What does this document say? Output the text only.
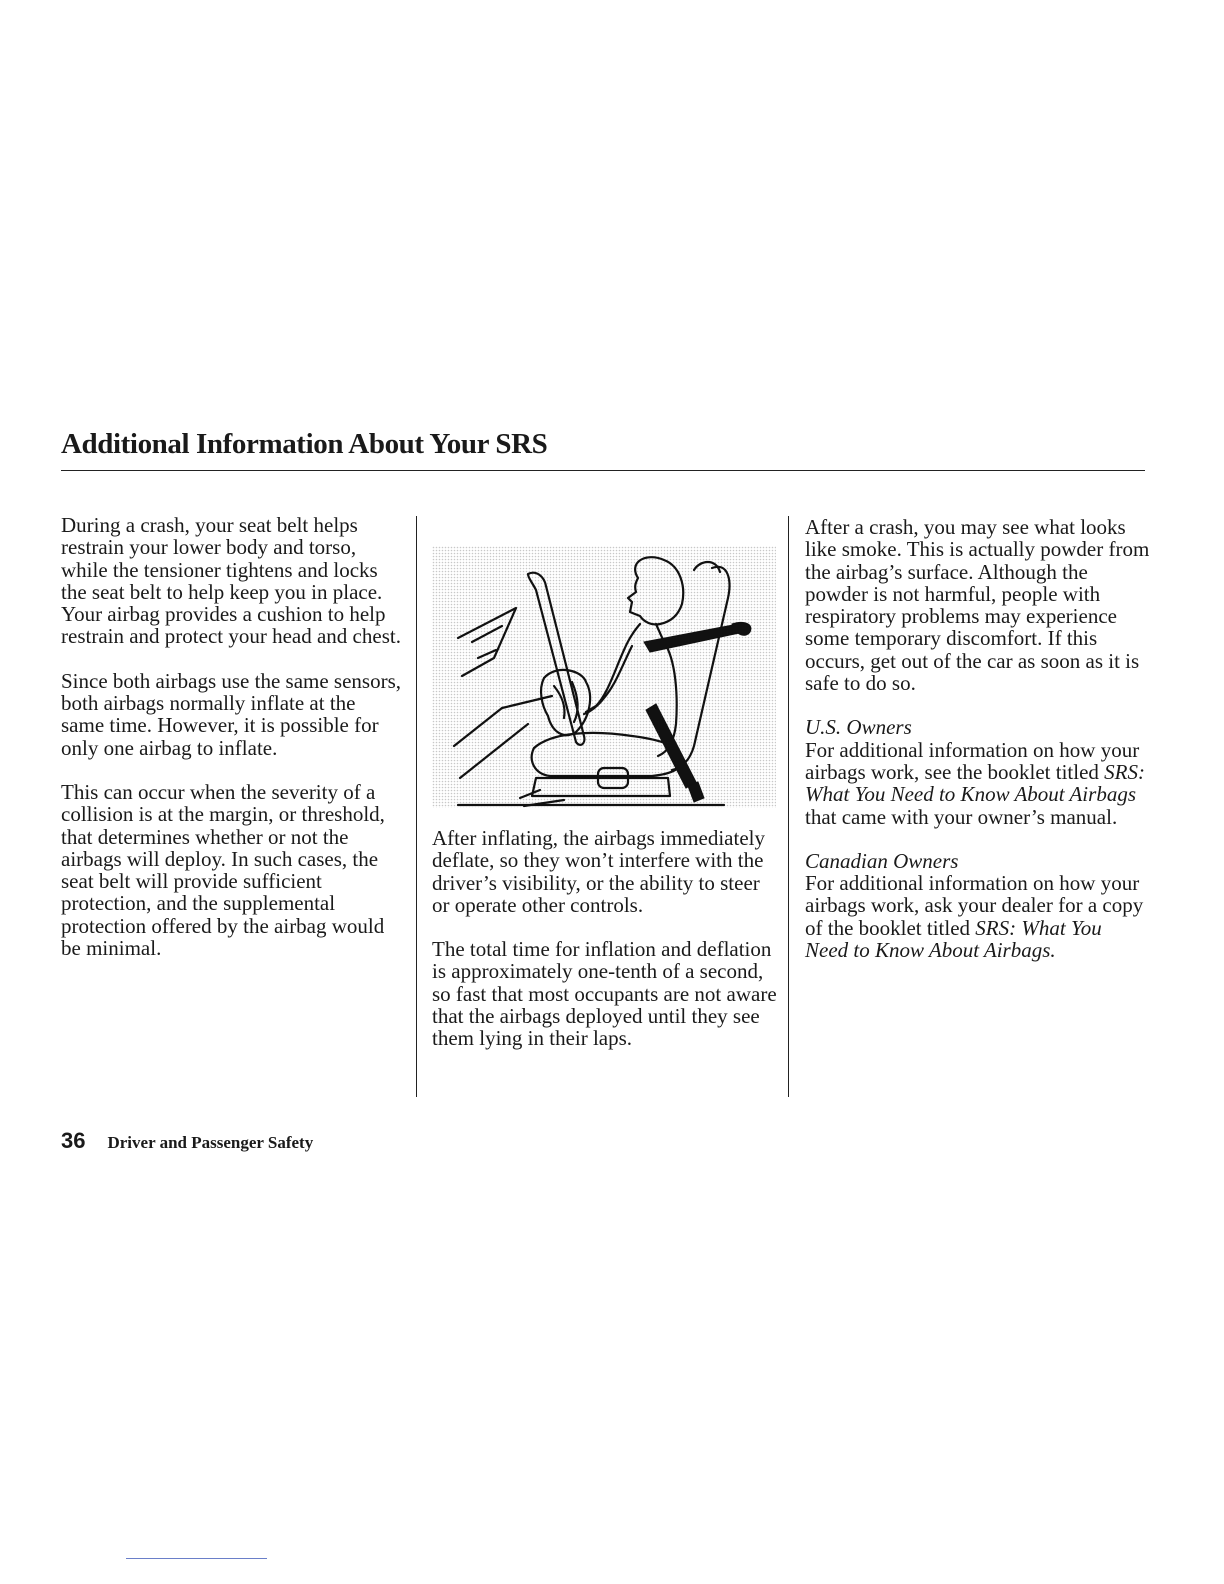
Additional Information About Your SRS

During a crash, your seat belt helps restrain your lower body and torso, while the tensioner tightens and locks the seat belt to help keep you in place. Your airbag provides a cushion to help restrain and protect your head and chest.

Since both airbags use the same sensors, both airbags normally inflate at the same time. However, it is possible for only one airbag to inflate.

This can occur when the severity of a collision is at the margin, or threshold, that determines whether or not the airbags will deploy. In such cases, the seat belt will provide sufficient protection, and the supplemental protection offered by the airbag would be minimal.

After inflating, the airbags immediately deflate, so they won’t interfere with the driver’s visibility, or the ability to steer or operate other controls.

The total time for inflation and deflation is approximately one-tenth of a second, so fast that most occupants are not aware that the airbags deployed until they see them lying in their laps.

After a crash, you may see what looks like smoke. This is actually powder from the airbag’s surface. Although the powder is not harmful, people with respiratory problems may experience some temporary discomfort. If this occurs, get out of the car as soon as it is safe to do so.

U.S. Owners
For additional information on how your airbags work, see the booklet titled SRS: What You Need to Know About Airbags that came with your owner’s manual.

Canadian Owners
For additional information on how your airbags work, ask your dealer for a copy of the booklet titled SRS: What You Need to Know About Airbags.

36 Driver and Passenger Safety
